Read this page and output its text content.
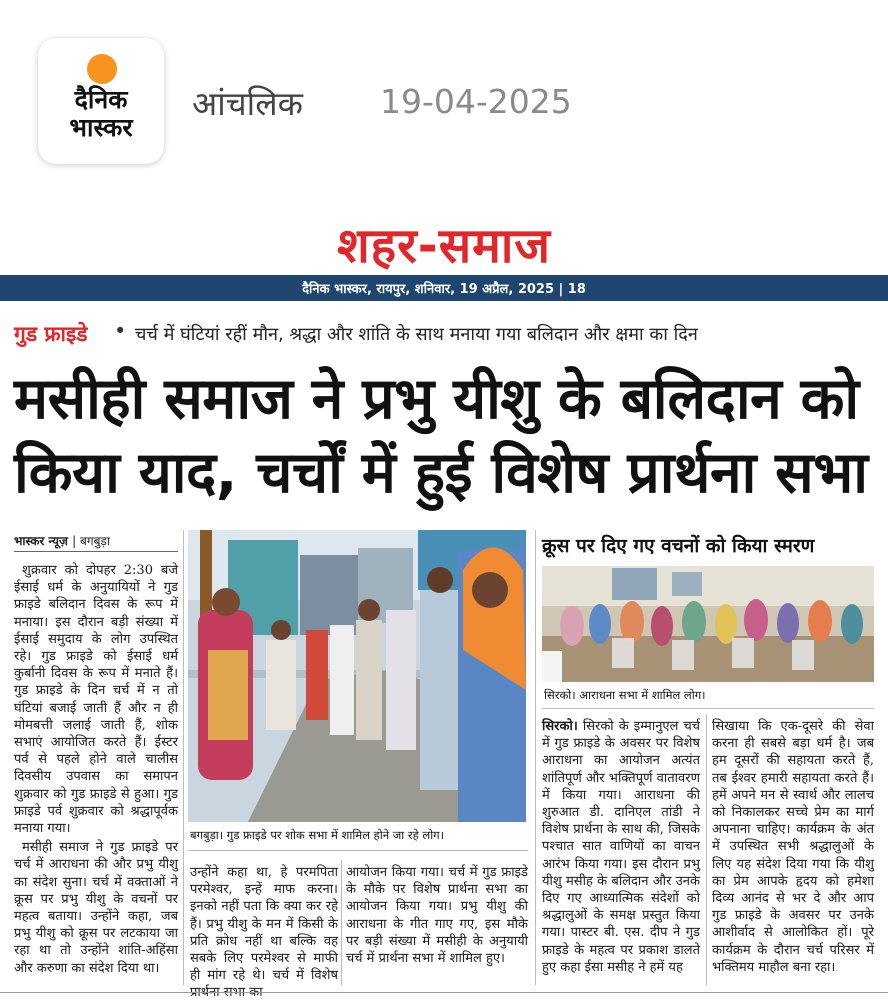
दैनिक
भास्कर
आंचलिक 19-04-2025
शहर-समाज
दैनिक भास्कर, रायपुर, शनिवार, 19 अप्रैल, 2025 | 18
गुड फ्राइडे • चर्च में घंटियां रहीं मौन, श्रद्धा और शांति के साथ मनाया गया बलिदान और क्षमा का दिन
मसीही समाज ने प्रभु यीशु के बलिदान को किया याद, चर्चों में हुई विशेष प्रार्थना सभा
भास्कर न्यूज़ | बगबुड़ा

शुक्रवार को दोपहर 2:30 बजे ईसाई धर्म के अनुयायियों ने गुड फ्राइडे बलिदान दिवस के रूप में मनाया। इस दौरान बड़ी संख्या में ईसाई समुदाय के लोग उपस्थित रहे। गुड फ्राइडे को ईसाई धर्म कुर्बानी दिवस के रूप में मनाते हैं। गुड फ्राइडे के दिन चर्च में न तो घंटियां बजाई जाती हैं और न ही मोमबत्ती जलाई जाती हैं, शोक सभाएं आयोजित करते हैं। ईस्टर पर्व से पहले होने वाले चालीस दिवसीय उपवास का समापन शुक्रवार को गुड फ्राइडे से हुआ। गुड फ्राइडे पर्व शुक्रवार को श्रद्धापूर्वक मनाया गया।

मसीही समाज ने गुड फ्राइडे पर चर्च में आराधना की और प्रभु यीशु का संदेश सुना। चर्च में वक्ताओं ने क्रूस पर प्रभु यीशु के वचनों पर महत्व बताया। उन्होंने कहा, जब प्रभु यीशु को क्रूस पर लटकाया जा रहा था तो उन्होंने शांति-अहिंसा और करुणा का संदेश दिया था।

बगबुड़ा। गुड फ्राइडे पर शोक सभा में शामिल होने जा रहे लोग।

उन्होंने कहा था, हे परमपिता परमेश्वर, इन्हें माफ करना। इनको नहीं पता कि क्या कर रहे हैं। प्रभु यीशु के मन में किसी के प्रति क्रोध नहीं था बल्कि वह सबके लिए परमेश्वर से माफी ही मांग रहे थे। चर्च में विशेष

आयोजन किया गया। चर्च में गुड फ्राइडे के मौके पर विशेष प्रार्थना सभा का आयोजन किया गया। प्रभु यीशु की आराधना के गीत गाए गए, इस मौके पर बड़ी संख्या में मसीही के अनुयायी चर्च में प्रार्थना सभा में शामिल हुए।

क्रूस पर दिए गए वचनों को किया स्मरण
सिरको। आराधना सभा में शामिल लोग।

सिरको। सिरको के इम्मानुएल चर्च में गुड फ्राइडे के अवसर पर विशेष आराधना का आयोजन अत्यंत शांतिपूर्ण और भक्तिपूर्ण वातावरण में किया गया। आराधना की शुरुआत डी. दानिएल तांडी ने विशेष प्रार्थना के साथ की, जिसके पश्चात सात वाणियों का वाचन आरंभ किया गया। इस दौरान प्रभु यीशु मसीह के बलिदान और उनके दिए गए आध्यात्मिक संदेशों को श्रद्धालुओं के समक्ष प्रस्तुत किया गया। पास्टर बी. एस. दीप ने गुड फ्राइडे के महत्व पर प्रकाश डालते हुए कहा ईसा मसीह ने हमें यह

सिखाया कि एक-दूसरे की सेवा करना ही सबसे बड़ा धर्म है। जब हम दूसरों की सहायता करते हैं, तब ईश्वर हमारी सहायता करते हैं। हमें अपने मन से स्वार्थ और लालच को निकालकर सच्चे प्रेम का मार्ग अपनाना चाहिए। कार्यक्रम के अंत में उपस्थित सभी श्रद्धालुओं के लिए यह संदेश दिया गया कि यीशु का प्रेम आपके हृदय को हमेशा दिव्य आनंद से भर दे और आप गुड फ्राइडे के अवसर पर उनके आशीर्वाद से आलोकित हों। पूरे कार्यक्रम के दौरान चर्च परिसर में भक्तिमय माहौल बना रहा।
